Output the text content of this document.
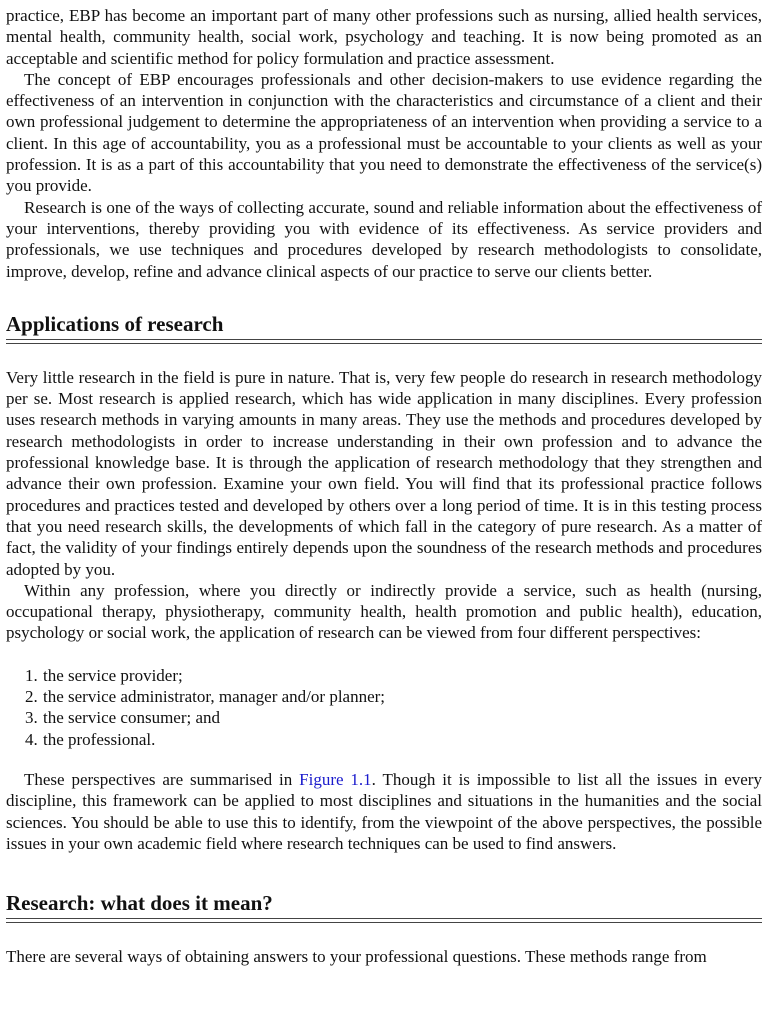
practice, EBP has become an important part of many other professions such as nursing, allied health services, mental health, community health, social work, psychology and teaching. It is now being promoted as an acceptable and scientific method for policy formulation and practice assessment.

The concept of EBP encourages professionals and other decision-makers to use evidence regarding the effectiveness of an intervention in conjunction with the characteristics and circumstance of a client and their own professional judgement to determine the appropriateness of an intervention when providing a service to a client. In this age of accountability, you as a professional must be accountable to your clients as well as your profession. It is as a part of this accountability that you need to demonstrate the effectiveness of the service(s) you provide.

Research is one of the ways of collecting accurate, sound and reliable information about the effectiveness of your interventions, thereby providing you with evidence of its effectiveness. As service providers and professionals, we use techniques and procedures developed by research methodologists to consolidate, improve, develop, refine and advance clinical aspects of our practice to serve our clients better.

Applications of research

Very little research in the field is pure in nature. That is, very few people do research in research methodology per se. Most research is applied research, which has wide application in many disciplines. Every profession uses research methods in varying amounts in many areas. They use the methods and procedures developed by research methodologists in order to increase understanding in their own profession and to advance the professional knowledge base. It is through the application of research methodology that they strengthen and advance their own profession. Examine your own field. You will find that its professional practice follows procedures and practices tested and developed by others over a long period of time. It is in this testing process that you need research skills, the developments of which fall in the category of pure research. As a matter of fact, the validity of your findings entirely depends upon the soundness of the research methods and procedures adopted by you.

Within any profession, where you directly or indirectly provide a service, such as health (nursing, occupational therapy, physiotherapy, community health, health promotion and public health), education, psychology or social work, the application of research can be viewed from four different perspectives:

1. the service provider;
2. the service administrator, manager and/or planner;
3. the service consumer; and
4. the professional.

These perspectives are summarised in Figure 1.1. Though it is impossible to list all the issues in every discipline, this framework can be applied to most disciplines and situations in the humanities and the social sciences. You should be able to use this to identify, from the viewpoint of the above perspectives, the possible issues in your own academic field where research techniques can be used to find answers.

Research: what does it mean?

There are several ways of obtaining answers to your professional questions. These methods range from
